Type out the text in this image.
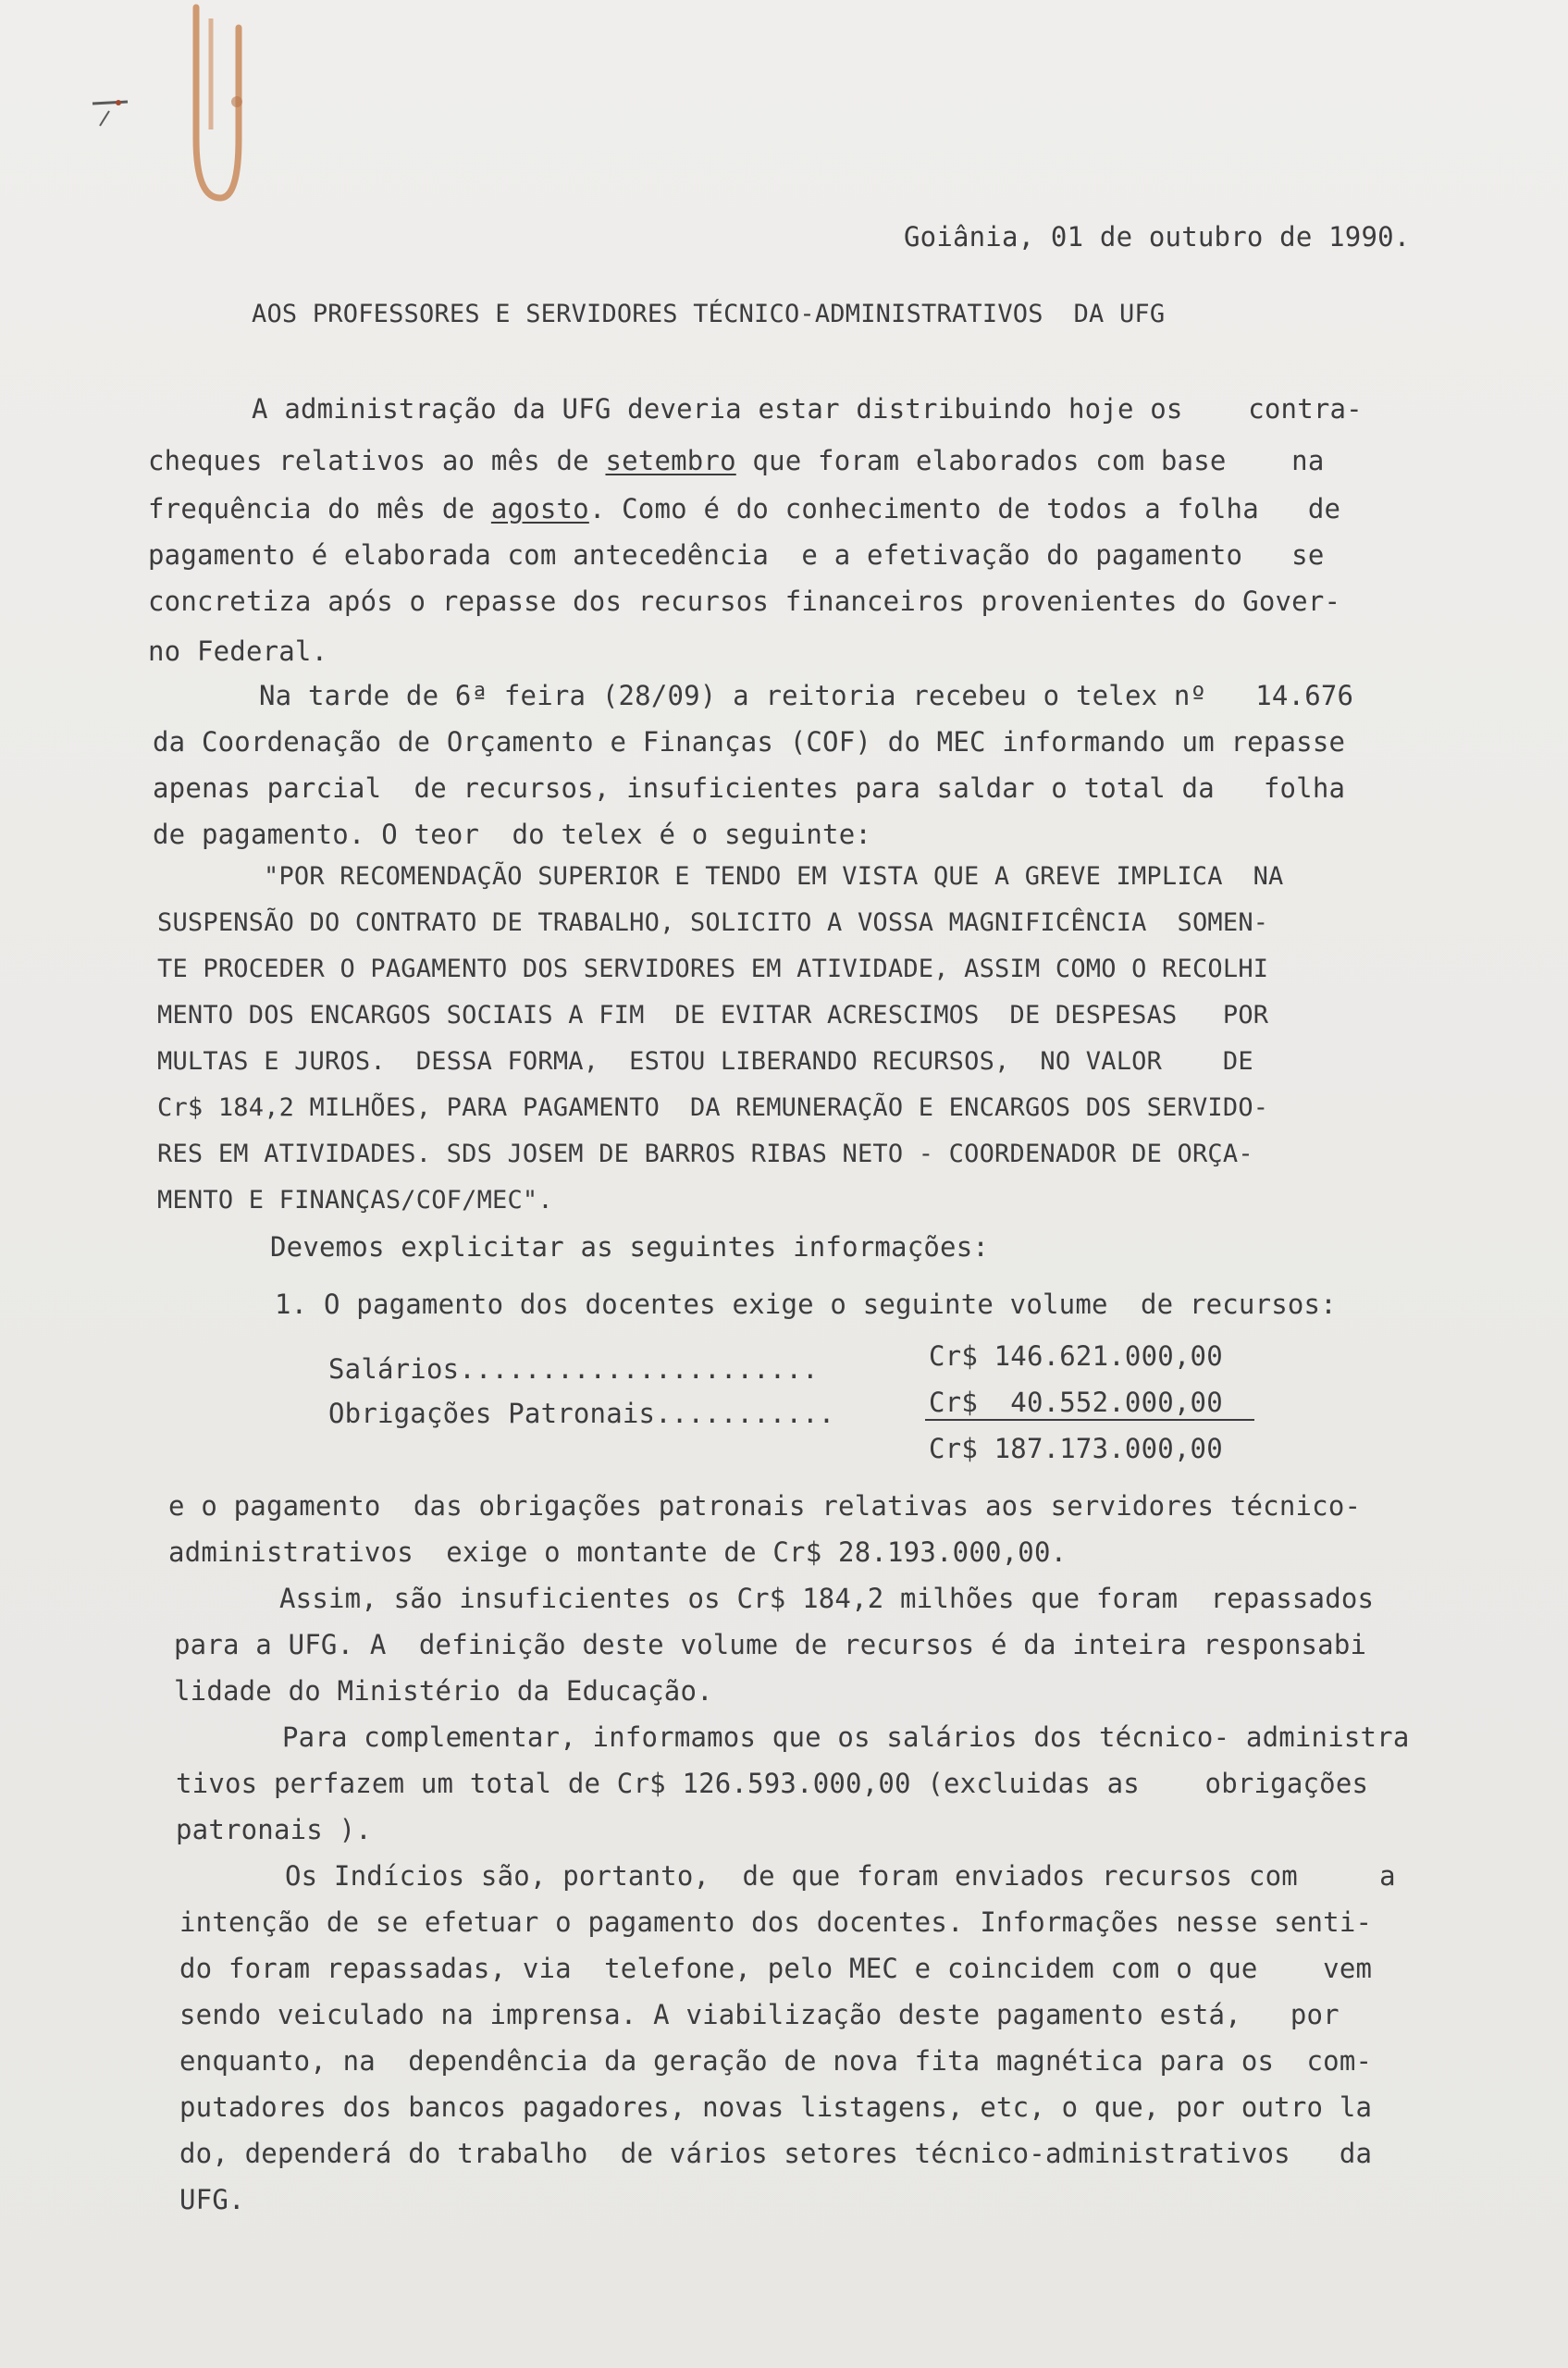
Goiânia, 01 de outubro de 1990.
AOS PROFESSORES E SERVIDORES TÉCNICO-ADMINISTRATIVOS  DA UFG
A administração da UFG deveria estar distribuindo hoje os    contra-
cheques relativos ao mês de setembro que foram elaborados com base    na
frequência do mês de agosto. Como é do conhecimento de todos a folha   de
pagamento é elaborada com antecedência  e a efetivação do pagamento   se
concretiza após o repasse dos recursos financeiros provenientes do Gover-
no Federal.
Na tarde de 6ª feira (28/09) a reitoria recebeu o telex nº   14.676
da Coordenação de Orçamento e Finanças (COF) do MEC informando um repasse
apenas parcial  de recursos, insuficientes para saldar o total da   folha
de pagamento. O teor  do telex é o seguinte:
"POR RECOMENDAÇÃO SUPERIOR E TENDO EM VISTA QUE A GREVE IMPLICA  NA
SUSPENSÃO DO CONTRATO DE TRABALHO, SOLICITO A VOSSA MAGNIFICÊNCIA  SOMEN-
TE PROCEDER O PAGAMENTO DOS SERVIDORES EM ATIVIDADE, ASSIM COMO O RECOLHI
MENTO DOS ENCARGOS SOCIAIS A FIM  DE EVITAR ACRESCIMOS  DE DESPESAS   POR
MULTAS E JUROS.  DESSA FORMA,  ESTOU LIBERANDO RECURSOS,  NO VALOR    DE
Cr$ 184,2 MILHÕES, PARA PAGAMENTO  DA REMUNERAÇÃO E ENCARGOS DOS SERVIDO-
RES EM ATIVIDADES. SDS JOSEM DE BARROS RIBAS NETO - COORDENADOR DE ORÇA-
MENTO E FINANÇAS/COF/MEC".
Devemos explicitar as seguintes informações:
1. O pagamento dos docentes exige o seguinte volume  de recursos:
Salários......................	Cr$ 146.621.000,00
Obrigações Patronais...........	Cr$  40.552.000,00
Cr$ 187.173.000,00
e o pagamento  das obrigações patronais relativas aos servidores técnico-
administrativos  exige o montante de Cr$ 28.193.000,00.
Assim, são insuficientes os Cr$ 184,2 milhões que foram  repassados
para a UFG. A  definição deste volume de recursos é da inteira responsabi
lidade do Ministério da Educação.
Para complementar, informamos que os salários dos técnico- administra
tivos perfazem um total de Cr$ 126.593.000,00 (excluidas as    obrigações
patronais ).
Os Indícios são, portanto,  de que foram enviados recursos com     a
intenção de se efetuar o pagamento dos docentes. Informações nesse senti-
do foram repassadas, via  telefone, pelo MEC e coincidem com o que    vem
sendo veiculado na imprensa. A viabilização deste pagamento está,   por
enquanto, na  dependência da geração de nova fita magnética para os  com-
putadores dos bancos pagadores, novas listagens, etc, o que, por outro la
do, dependerá do trabalho  de vários setores técnico-administrativos   da
UFG.
